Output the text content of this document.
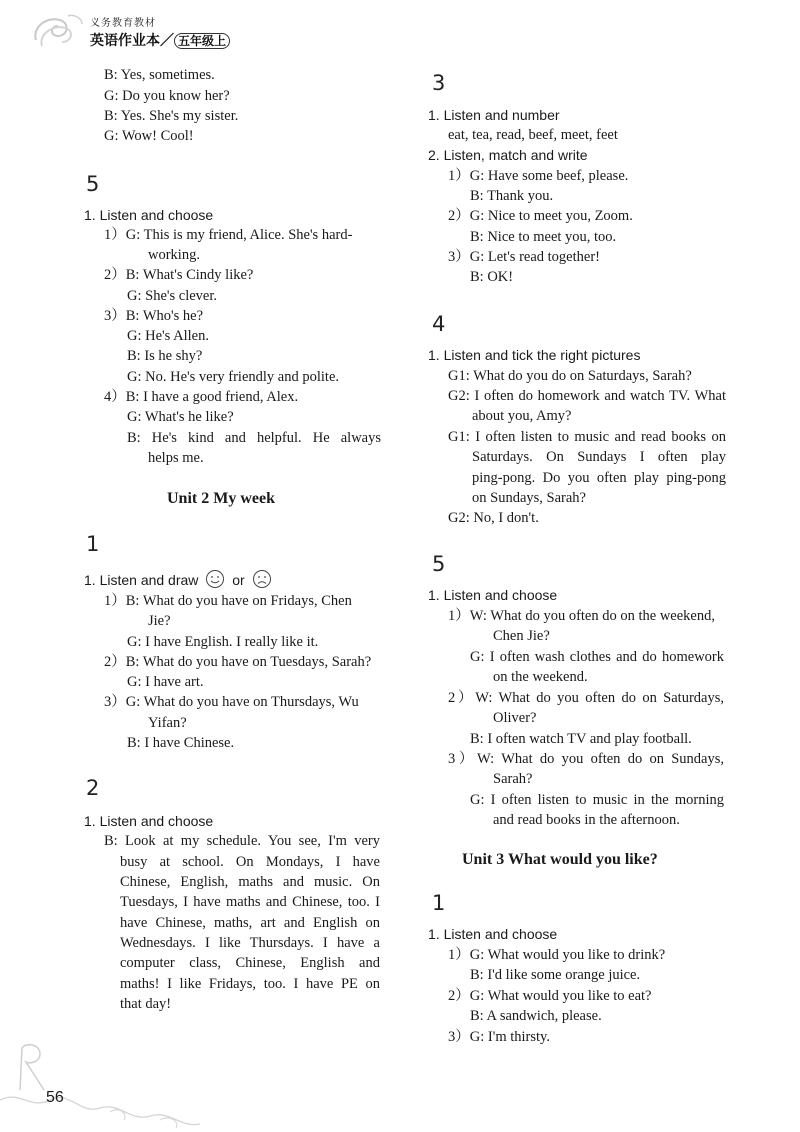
义务教育教材
英语作业本／ 五年级上
B: Yes, sometimes.
G: Do you know her?
B: Yes. She's my sister.
G: Wow! Cool!
5
1. Listen and choose
1）G: This is my friend, Alice. She's hard-
working.
2）B: What's Cindy like?
G: She's clever.
3）B: Who's he?
G: He's Allen.
B: Is he shy?
G: No. He's very friendly and polite.
4）B: I have a good friend, Alex.
G: What's he like?
B: He's kind and helpful. He always
helps me.
Unit 2 My week
1
1. Listen and draw or
1）B: What do you have on Fridays, Chen
Jie?
G: I have English. I really like it.
2）B: What do you have on Tuesdays, Sarah?
G: I have art.
3）G: What do you have on Thursdays, Wu
Yifan?
B: I have Chinese.
2
1. Listen and choose
B: Look at my schedule. You see, I'm very
busy at school. On Mondays, I have
Chinese, English, maths and music. On
Tuesdays, I have maths and Chinese, too. I
have Chinese, maths, art and English on
Wednesdays. I like Thursdays. I have a
computer class, Chinese, English and
maths! I like Fridays, too. I have PE on
that day!
3
1. Listen and number
eat, tea, read, beef, meet, feet
2. Listen, match and write
1）G: Have some beef, please.
B: Thank you.
2）G: Nice to meet you, Zoom.
B: Nice to meet you, too.
3）G: Let's read together!
B: OK!
4
1. Listen and tick the right pictures
G1: What do you do on Saturdays, Sarah?
G2: I often do homework and watch TV. What
about you, Amy?
G1: I often listen to music and read books on
Saturdays. On Sundays I often play
ping-pong. Do you often play ping-pong
on Sundays, Sarah?
G2: No, I don't.
5
1. Listen and choose
1）W: What do you often do on the weekend,
Chen Jie?
G: I often wash clothes and do homework
on the weekend.
2）W: What do you often do on Saturdays,
Oliver?
B: I often watch TV and play football.
3）W: What do you often do on Sundays,
Sarah?
G: I often listen to music in the morning
and read books in the afternoon.
Unit 3 What would you like?
1
1. Listen and choose
1）G: What would you like to drink?
B: I'd like some orange juice.
2）G: What would you like to eat?
B: A sandwich, please.
3）G: I'm thirsty.
56
